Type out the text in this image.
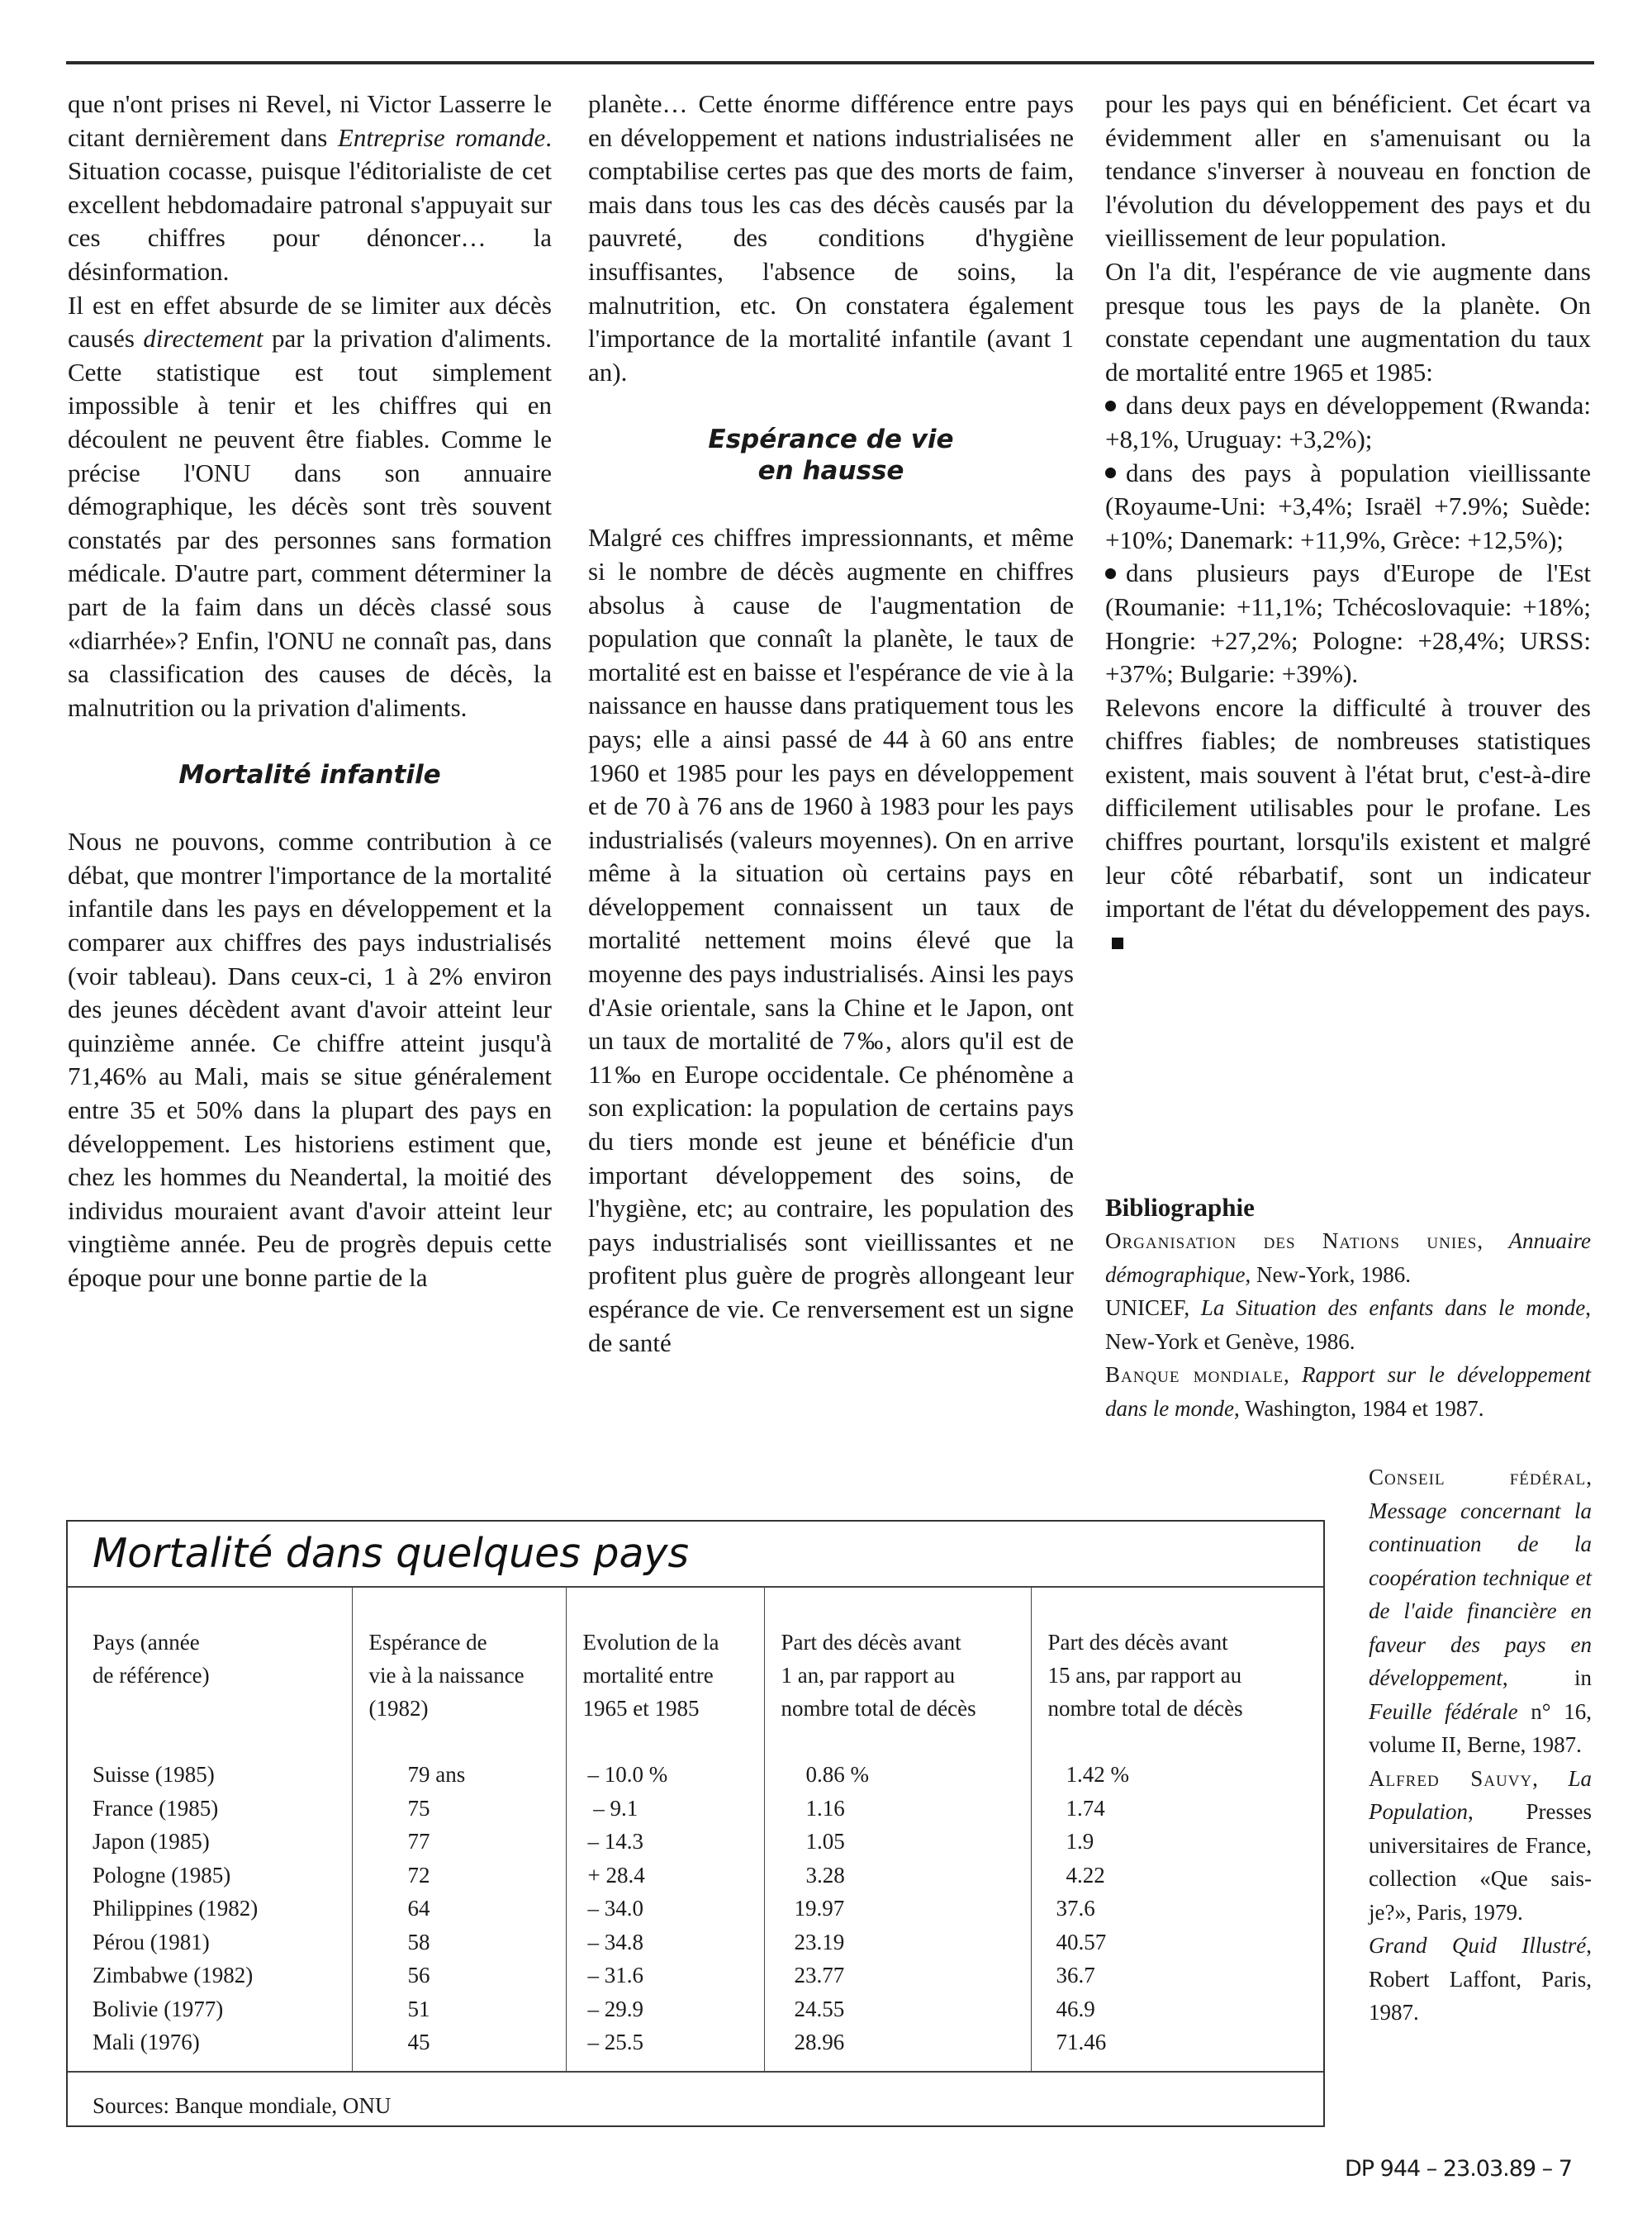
que n'ont prises ni Revel, ni Victor Lasserre le citant dernièrement dans Entreprise romande. Situation cocasse, puisque l'éditorialiste de cet excellent hebdomadaire patronal s'appuyait sur ces chiffres pour dénoncer… la désinformation.

Il est en effet absurde de se limiter aux décès causés directement par la privation d'aliments. Cette statistique est tout simplement impossible à tenir et les chiffres qui en découlent ne peuvent être fiables. Comme le précise l'ONU dans son annuaire démographique, les décès sont très souvent constatés par des personnes sans formation médicale. D'autre part, comment déterminer la part de la faim dans un décès classé sous «diarrhée»? Enfin, l'ONU ne connaît pas, dans sa classification des causes de décès, la malnutrition ou la privation d'aliments.

Mortalité infantile

Nous ne pouvons, comme contribution à ce débat, que montrer l'importance de la mortalité infantile dans les pays en développement et la comparer aux chiffres des pays industrialisés (voir tableau). Dans ceux-ci, 1 à 2% environ des jeunes décèdent avant d'avoir atteint leur quinzième année. Ce chiffre atteint jusqu'à 71,46% au Mali, mais se situe généralement entre 35 et 50% dans la plupart des pays en développement. Les historiens estiment que, chez les hommes du Neandertal, la moitié des individus mouraient avant d'avoir atteint leur vingtième année. Peu de progrès depuis cette époque pour une bonne partie de la

planète… Cette énorme différence entre pays en développement et nations industrialisées ne comptabilise certes pas que des morts de faim, mais dans tous les cas des décès causés par la pauvreté, des conditions d'hygiène insuffisantes, l'absence de soins, la malnutrition, etc. On constatera également l'importance de la mortalité infantile (avant 1 an).

Espérance de vie
en hausse

Malgré ces chiffres impressionnants, et même si le nombre de décès augmente en chiffres absolus à cause de l'augmentation de population que connaît la planète, le taux de mortalité est en baisse et l'espérance de vie à la naissance en hausse dans pratiquement tous les pays; elle a ainsi passé de 44 à 60 ans entre 1960 et 1985 pour les pays en développement et de 70 à 76 ans de 1960 à 1983 pour les pays industrialisés (valeurs moyennes). On en arrive même à la situation où certains pays en développement connaissent un taux de mortalité nettement moins élevé que la moyenne des pays industrialisés. Ainsi les pays d'Asie orientale, sans la Chine et le Japon, ont un taux de mortalité de 7‰, alors qu'il est de 11‰ en Europe occidentale. Ce phénomène a son explication: la population de certains pays du tiers monde est jeune et bénéficie d'un important développement des soins, de l'hygiène, etc; au contraire, les population des pays industrialisés sont vieillissantes et ne profitent plus guère de progrès allongeant leur espérance de vie. Ce renversement est un signe de santé

pour les pays qui en bénéficient. Cet écart va évidemment aller en s'amenuisant ou la tendance s'inverser à nouveau en fonction de l'évolution du développement des pays et du vieillissement de leur population.

On l'a dit, l'espérance de vie augmente dans presque tous les pays de la planète. On constate cependant une augmentation du taux de mortalité entre 1965 et 1985:

dans deux pays en développement (Rwanda: +8,1%, Uruguay: +3,2%);

dans des pays à population vieillissante (Royaume-Uni: +3,4%; Israël +7.9%; Suède: +10%; Danemark: +11,9%, Grèce: +12,5%);

dans plusieurs pays d'Europe de l'Est (Roumanie: +11,1%; Tchécoslovaquie: +18%; Hongrie: +27,2%; Pologne: +28,4%; URSS: +37%; Bulgarie: +39%).

Relevons encore la difficulté à trouver des chiffres fiables; de nombreuses statistiques existent, mais souvent à l'état brut, c'est-à-dire difficilement utilisables pour le profane. Les chiffres pourtant, lorsqu'ils existent et malgré leur côté rébarbatif, sont un indicateur important de l'état du développement des pays.

Bibliographie

Organisation des Nations unies, Annuaire démographique, New-York, 1986.

UNICEF, La Situation des enfants dans le monde, New-York et Genève, 1986.

Banque mondiale, Rapport sur le développement dans le monde, Washington, 1984 et 1987.

Conseil fédéral, Message concernant la continuation de la coopération technique et de l'aide financière en faveur des pays en développement, in Feuille fédérale n° 16, volume II, Berne, 1987.

Alfred Sauvy, La Population, Presses universitaires de France, collection «Que sais-je?», Paris, 1979.

Grand Quid Illustré, Robert Laffont, Paris, 1987.

Mortalité dans quelques pays
Pays (année
de référence)	Espérance de
vie à la naissance
(1982)	Evolution de la
mortalité entre
1965 et 1985	Part des décès avant
1 an, par rapport au
nombre total de décès	Part des décès avant
15 ans, par rapport au
nombre total de décès
Suisse (1985)	79 ans	– 10.0 %	0.86 %	1.42 %
France (1985)	75	– 9.1	1.16	1.74
Japon (1985)	77	– 14.3	1.05	1.9
Pologne (1985)	72	+ 28.4	3.28	4.22
Philippines (1982)	64	– 34.0	19.97	37.6
Pérou (1981)	58	– 34.8	23.19	40.57
Zimbabwe (1982)	56	– 31.6	23.77	36.7
Bolivie (1977)	51	– 29.9	24.55	46.9
Mali (1976)	45	– 25.5	28.96	71.46
Sources: Banque mondiale, ONU
DP 944 – 23.03.89 – 7
